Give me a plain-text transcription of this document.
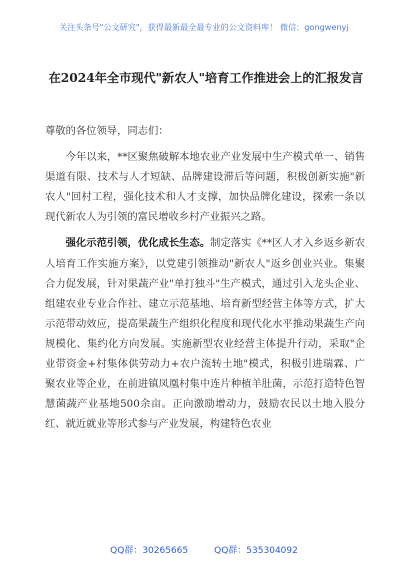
关注头条号"公文研究"，获得最新最全最专业的公文资料库！ 微信：gongwenyj
在2024年全市现代"新农人"培育工作推进会上的汇报发言

尊敬的各位领导，同志们：

今年以来，**区聚焦破解本地农业产业发展中生产模式单一、销售渠道有限、技术与人才短缺、品牌建设滞后等问题，积极创新实施"新农人"回村工程，强化技术和人才支撑，加快品牌化建设，探索一条以现代新农人为引领的富民增收乡村产业振兴之路。

强化示范引领，优化成长生态。制定落实《**区人才入乡返乡新农人培育工作实施方案》，以党建引领推动"新农人"返乡创业兴业。集聚合力促发展，针对果蔬产业"单打独斗"生产模式，通过引入龙头企业、组建农业专业合作社、建立示范基地、培育新型经营主体等方式，扩大示范带动效应，提高果蔬生产组织化程度和现代化水平推动果蔬生产向规模化、集约化方向发展。实施新型农业经营主体提升行动，采取"企业带资金+村集体供劳动力+农户流转土地"模式，积极引进瑞霖、广聚农业等企业，在前进镇凤凰村集中连片种植羊肚菌，示范打造特色智慧菌蔬产业基地500余亩。正向激励增动力，鼓励农民以土地入股分红、就近就业等形式参与产业发展，构建特色农业

QQ群：30265665	QQ群：535304092
